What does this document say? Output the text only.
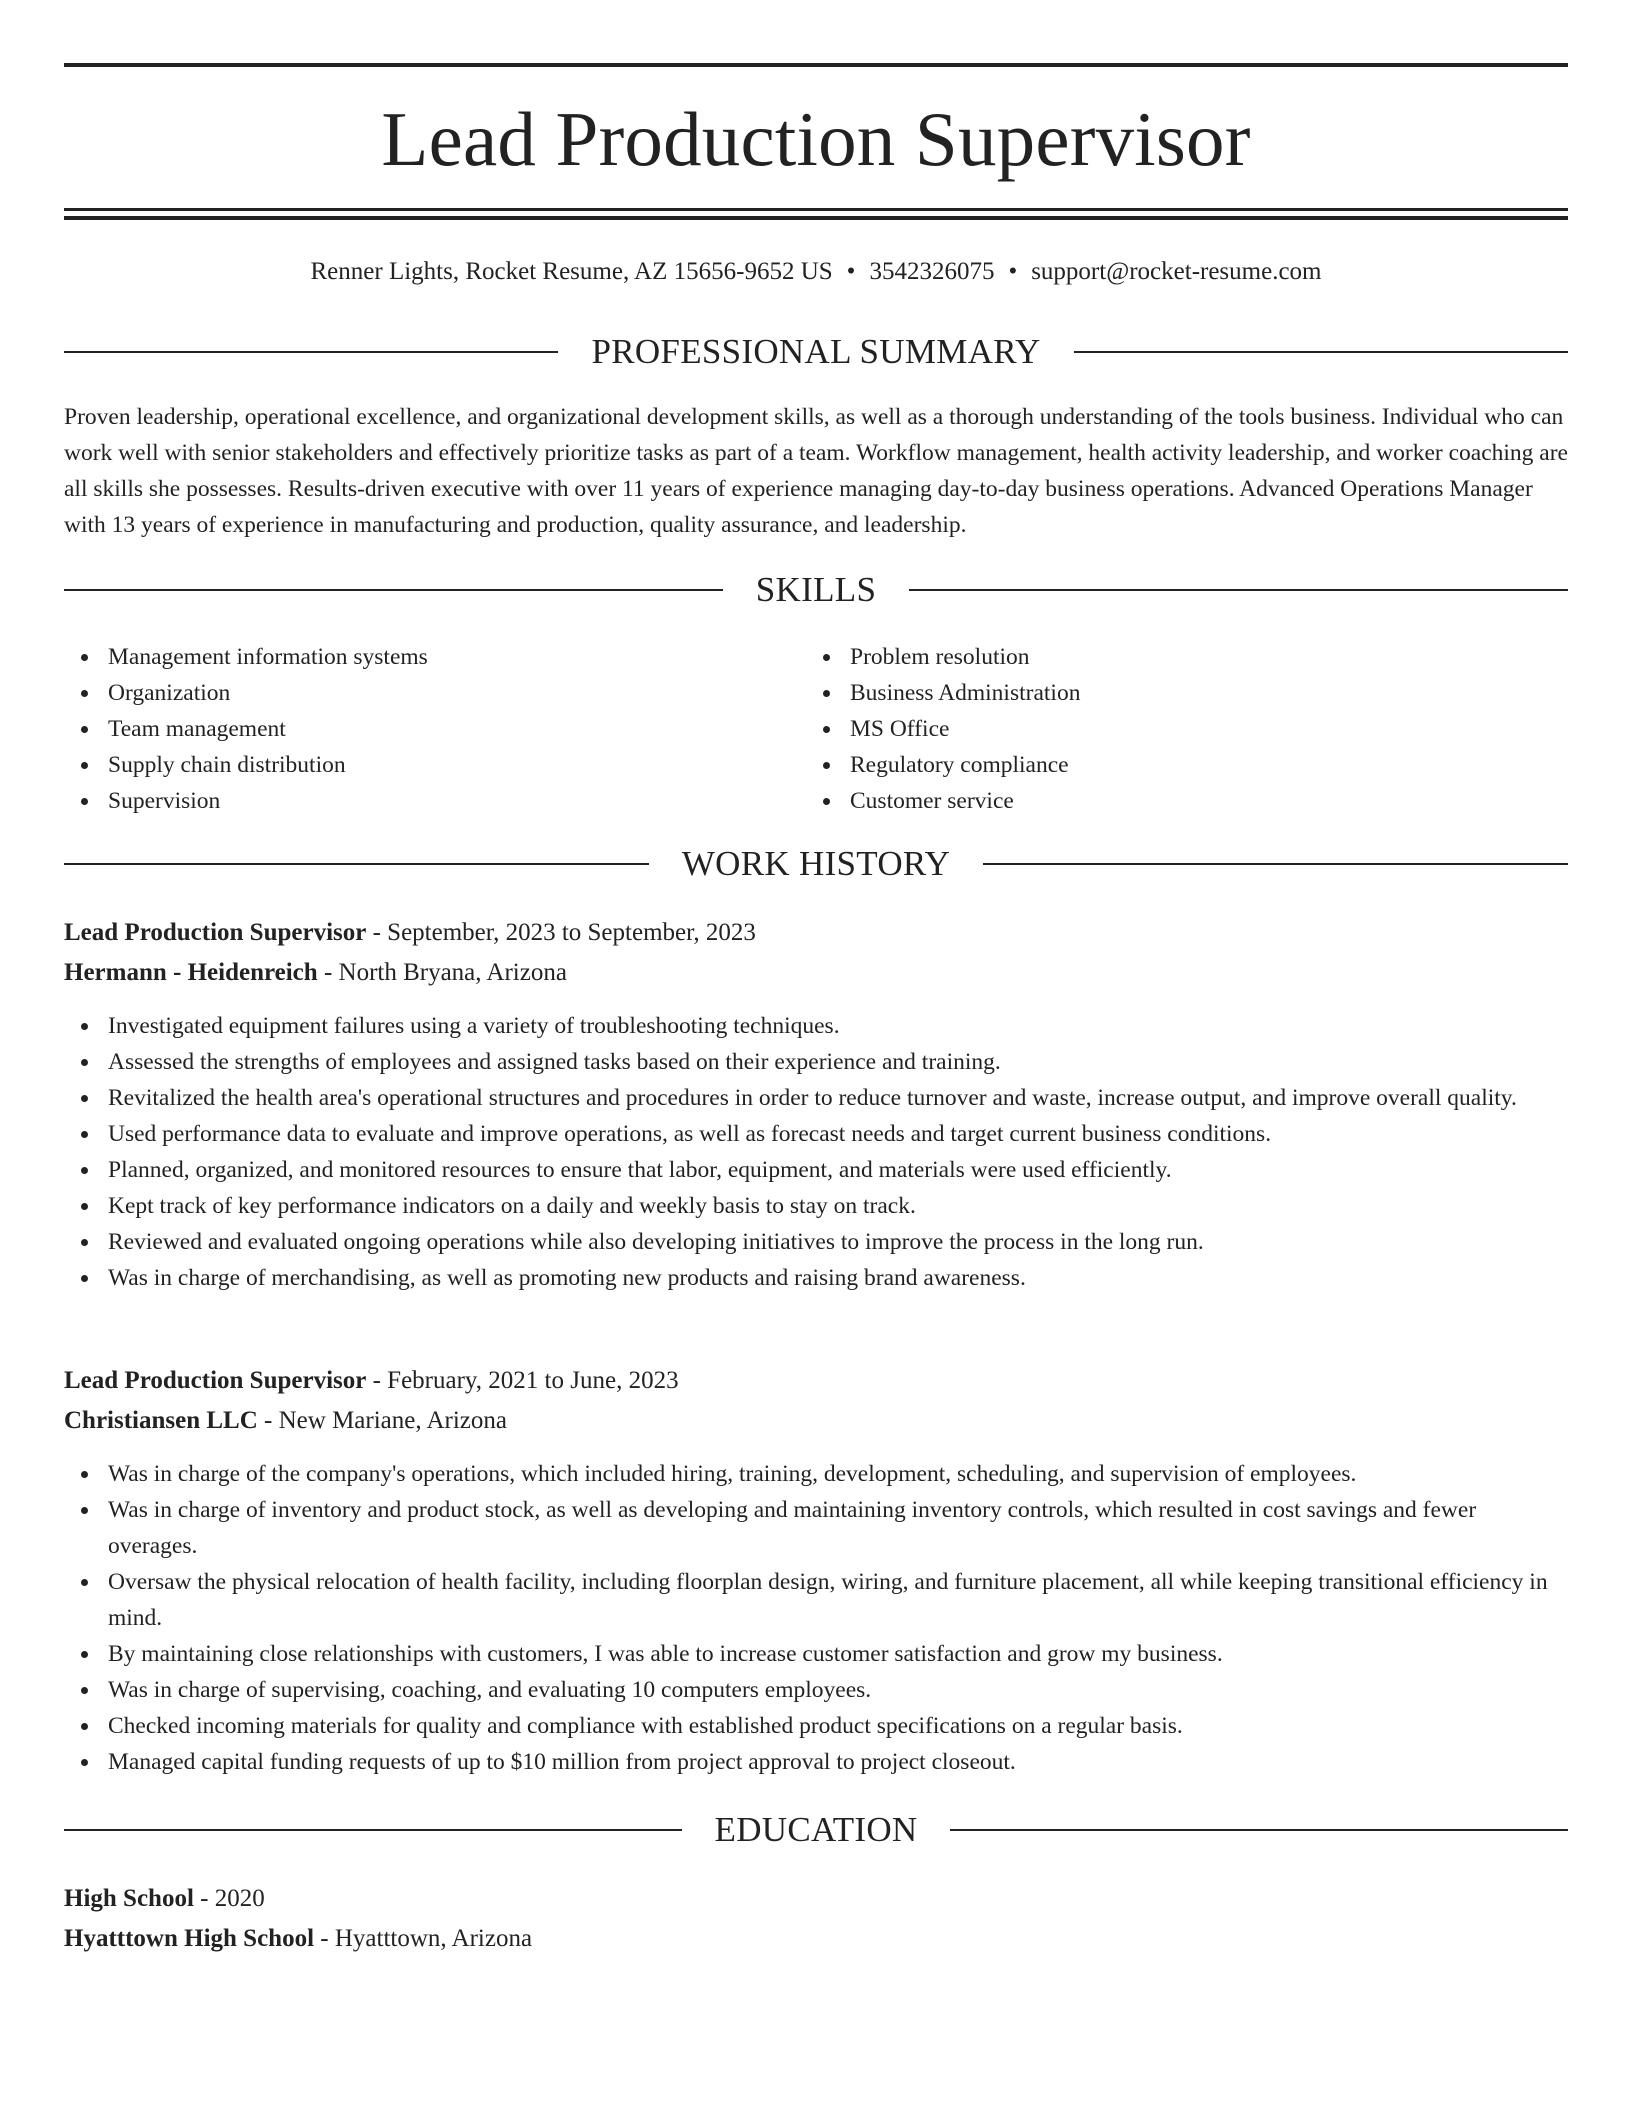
Lead Production Supervisor
Renner Lights, Rocket Resume, AZ 15656-9652 US • 3542326075 • support@rocket-resume.com
PROFESSIONAL SUMMARY
Proven leadership, operational excellence, and organizational development skills, as well as a thorough understanding of the tools business. Individual who can work well with senior stakeholders and effectively prioritize tasks as part of a team. Workflow management, health activity leadership, and worker coaching are all skills she possesses. Results-driven executive with over 11 years of experience managing day-to-day business operations. Advanced Operations Manager with 13 years of experience in manufacturing and production, quality assurance, and leadership.
SKILLS
Management information systems
Organization
Team management
Supply chain distribution
Supervision
Problem resolution
Business Administration
MS Office
Regulatory compliance
Customer service
WORK HISTORY
Lead Production Supervisor - September, 2023 to September, 2023
Hermann - Heidenreich - North Bryana, Arizona
Investigated equipment failures using a variety of troubleshooting techniques.
Assessed the strengths of employees and assigned tasks based on their experience and training.
Revitalized the health area's operational structures and procedures in order to reduce turnover and waste, increase output, and improve overall quality.
Used performance data to evaluate and improve operations, as well as forecast needs and target current business conditions.
Planned, organized, and monitored resources to ensure that labor, equipment, and materials were used efficiently.
Kept track of key performance indicators on a daily and weekly basis to stay on track.
Reviewed and evaluated ongoing operations while also developing initiatives to improve the process in the long run.
Was in charge of merchandising, as well as promoting new products and raising brand awareness.
Lead Production Supervisor - February, 2021 to June, 2023
Christiansen LLC - New Mariane, Arizona
Was in charge of the company's operations, which included hiring, training, development, scheduling, and supervision of employees.
Was in charge of inventory and product stock, as well as developing and maintaining inventory controls, which resulted in cost savings and fewer overages.
Oversaw the physical relocation of health facility, including floorplan design, wiring, and furniture placement, all while keeping transitional efficiency in mind.
By maintaining close relationships with customers, I was able to increase customer satisfaction and grow my business.
Was in charge of supervising, coaching, and evaluating 10 computers employees.
Checked incoming materials for quality and compliance with established product specifications on a regular basis.
Managed capital funding requests of up to $10 million from project approval to project closeout.
EDUCATION
High School - 2020
Hyatttown High School - Hyatttown, Arizona
